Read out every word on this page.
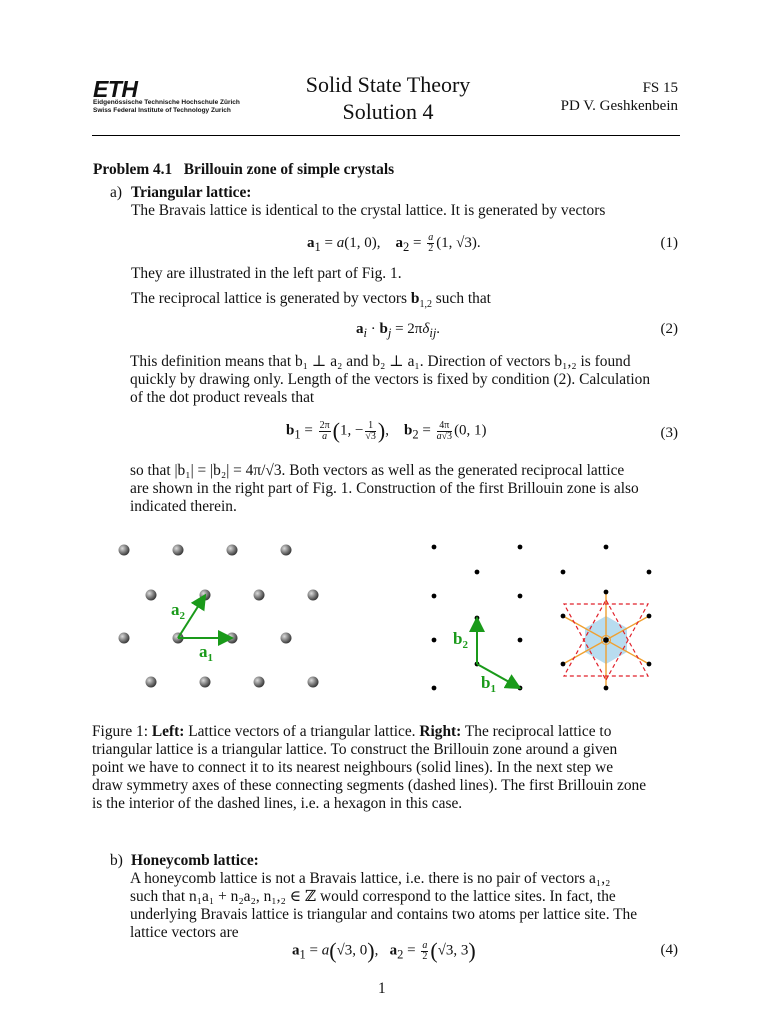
ETH
Eidgenössische Technische Hochschule Zürich
Swiss Federal Institute of Technology Zurich
Solid State Theory
Solution 4
FS 15
PD V. Geshkenbein
Problem 4.1 Brillouin zone of simple crystals
a) Triangular lattice:
The Bravais lattice is identical to the crystal lattice. It is generated by vectors
$a_1 = a(1$, 0),    $a_2 = \frac{a}{2} (1$, √3).	(1)
They are illustrated in the left part of Fig. 1.
The reciprocal lattice is generated by vectors $b_{1,2}$ such that
$a_i \cdot b_j = 2\pi\delta_{ij}$.	(2)
This definition means that b₁ ⊥ a₂ and b₂ ⊥ a₁. Direction of vectors b₁,₂ is found
quickly by drawing only. Length of the vectors is fixed by condition (2). Calculation
of the dot product reveals that
$b_1 = \frac{2\pi}{a} (1$, − $\frac{1}{√3}$ ),    $b_2 = \frac{4\pi}{a√3} (0$, 1)	(3)
so that |b₁| = |b₂| = 4π/√3. Both vectors as well as the generated reciprocal lattice
are shown in the right part of Fig. 1. Construction of the first Brillouin zone is also
indicated therein.
$a_2$
$a_1$
$b_2$
$b_1$
Figure 1: Left: Lattice vectors of a triangular lattice. Right: The reciprocal lattice to
triangular lattice is a triangular lattice. To construct the Brillouin zone around a given
point we have to connect it to its nearest neighbours (solid lines). In the next step we
draw symmetry axes of these connecting segments (dashed lines). The first Brillouin zone
is the interior of the dashed lines, i.e. a hexagon in this case.
b) Honeycomb lattice:
A honeycomb lattice is not a Bravais lattice, i.e. there is no pair of vectors a₁,₂
such that n₁a₁ + n₂a₂, n₁,₂ ∈ ℤ would correspond to the lattice sites. In fact, the
underlying Bravais lattice is triangular and contains two atoms per lattice site. The
lattice vectors are
$a_1 = a(√3$, 0),   $a_2 = \frac{a}{2} (√3$, 3)	(4)
1
